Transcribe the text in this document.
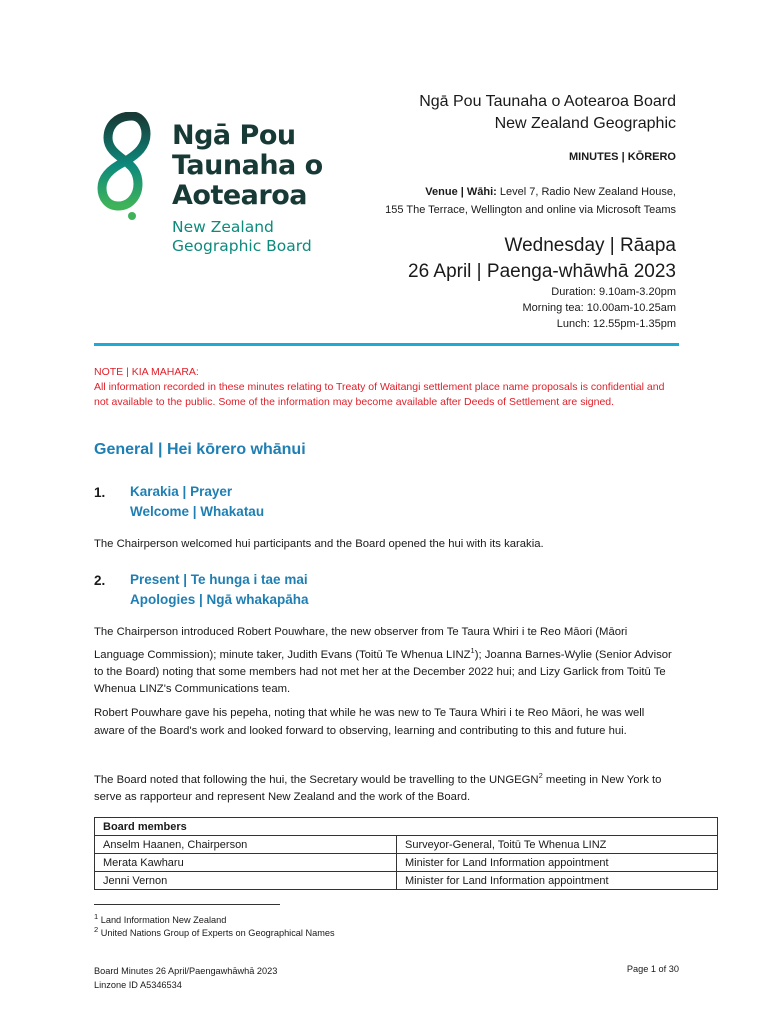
Ngā Pou
Taunaha o
Aotearoa
New Zealand
Geographic Board
Ngā Pou Taunaha o Aotearoa Board
New Zealand Geographic
MINUTES | KŌRERO
Venue | Wāhi: Level 7, Radio New Zealand House,
155 The Terrace, Wellington and online via Microsoft Teams
Wednesday | Rāapa
26 April | Paenga-whāwhā 2023
Duration: 9.10am-3.20pm
Morning tea: 10.00am-10.25am
Lunch: 12.55pm-1.35pm
NOTE | KIA MAHARA:
All information recorded in these minutes relating to Treaty of Waitangi settlement place name proposals is confidential and not available to the public. Some of the information may become available after Deeds of Settlement are signed.
General | Hei kōrero whānui
1. Karakia | Prayer
Welcome | Whakatau
The Chairperson welcomed hui participants and the Board opened the hui with its karakia.
2. Present | Te hunga i tae mai
Apologies | Ngā whakapāha
The Chairperson introduced Robert Pouwhare, the new observer from Te Taura Whiri i te Reo Māori (Māori Language Commission); minute taker, Judith Evans (Toitū Te Whenua LINZ$^1$); Joanna Barnes-Wylie (Senior Advisor to the Board) noting that some members had not met her at the December 2022 hui; and Lizy Garlick from Toitū Te Whenua LINZ's Communications team.
Robert Pouwhare gave his pepeha, noting that while he was new to Te Taura Whiri i te Reo Māori, he was well aware of the Board's work and looked forward to observing, learning and contributing to this and future hui.
The Board noted that following the hui, the Secretary would be travelling to the UNGEGN$^2$ meeting in New York to serve as rapporteur and represent New Zealand and the work of the Board.
Board members	
Anselm Haanen, Chairperson	Surveyor-General, Toitū Te Whenua LINZ
Merata Kawharu	Minister for Land Information appointment
Jenni Vernon	Minister for Land Information appointment
$^1$ Land Information New Zealand
$^2$ United Nations Group of Experts on Geographical Names
Board Minutes 26 April/Paengawhāwhā 2023
Linzone ID A5346534
Page 1 of 30
